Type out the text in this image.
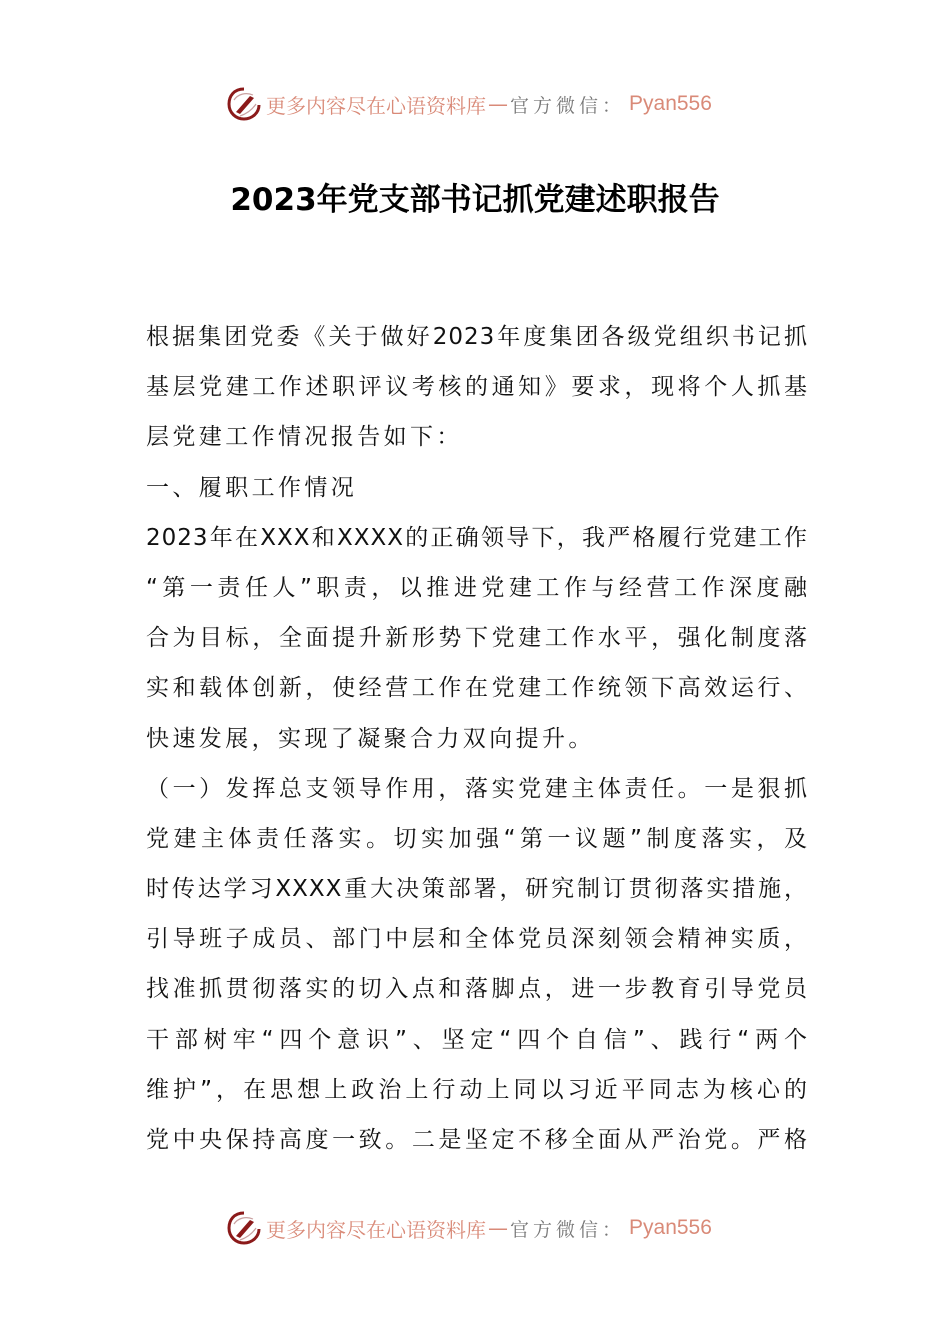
更多内容尽在心语资料库 — 官方微信： Pyan556
2023年党支部书记抓党建述职报告
根据集团党委《关于做好2023年度集团各级党组织书记抓
基层党建工作述职评议考核的通知》要求，现将个人抓基
层党建工作情况报告如下：
一、履职工作情况
2023年在XXX和XXXX的正确领导下，我严格履行党建工作
“第一责任人”职责，以推进党建工作与经营工作深度融
合为目标，全面提升新形势下党建工作水平，强化制度落
实和载体创新，使经营工作在党建工作统领下高效运行、
快速发展，实现了凝聚合力双向提升。
（一）发挥总支领导作用，落实党建主体责任。一是狠抓
党建主体责任落实。切实加强“第一议题”制度落实，及
时传达学习XXXX重大决策部署，研究制订贯彻落实措施，
引导班子成员、部门中层和全体党员深刻领会精神实质，
找准抓贯彻落实的切入点和落脚点，进一步教育引导党员
干部树牢“四个意识”、坚定“四个自信”、践行“两个
维护”，在思想上政治上行动上同以习近平同志为核心的
党中央保持高度一致。二是坚定不移全面从严治党。严格
更多内容尽在心语资料库 — 官方微信： Pyan556
